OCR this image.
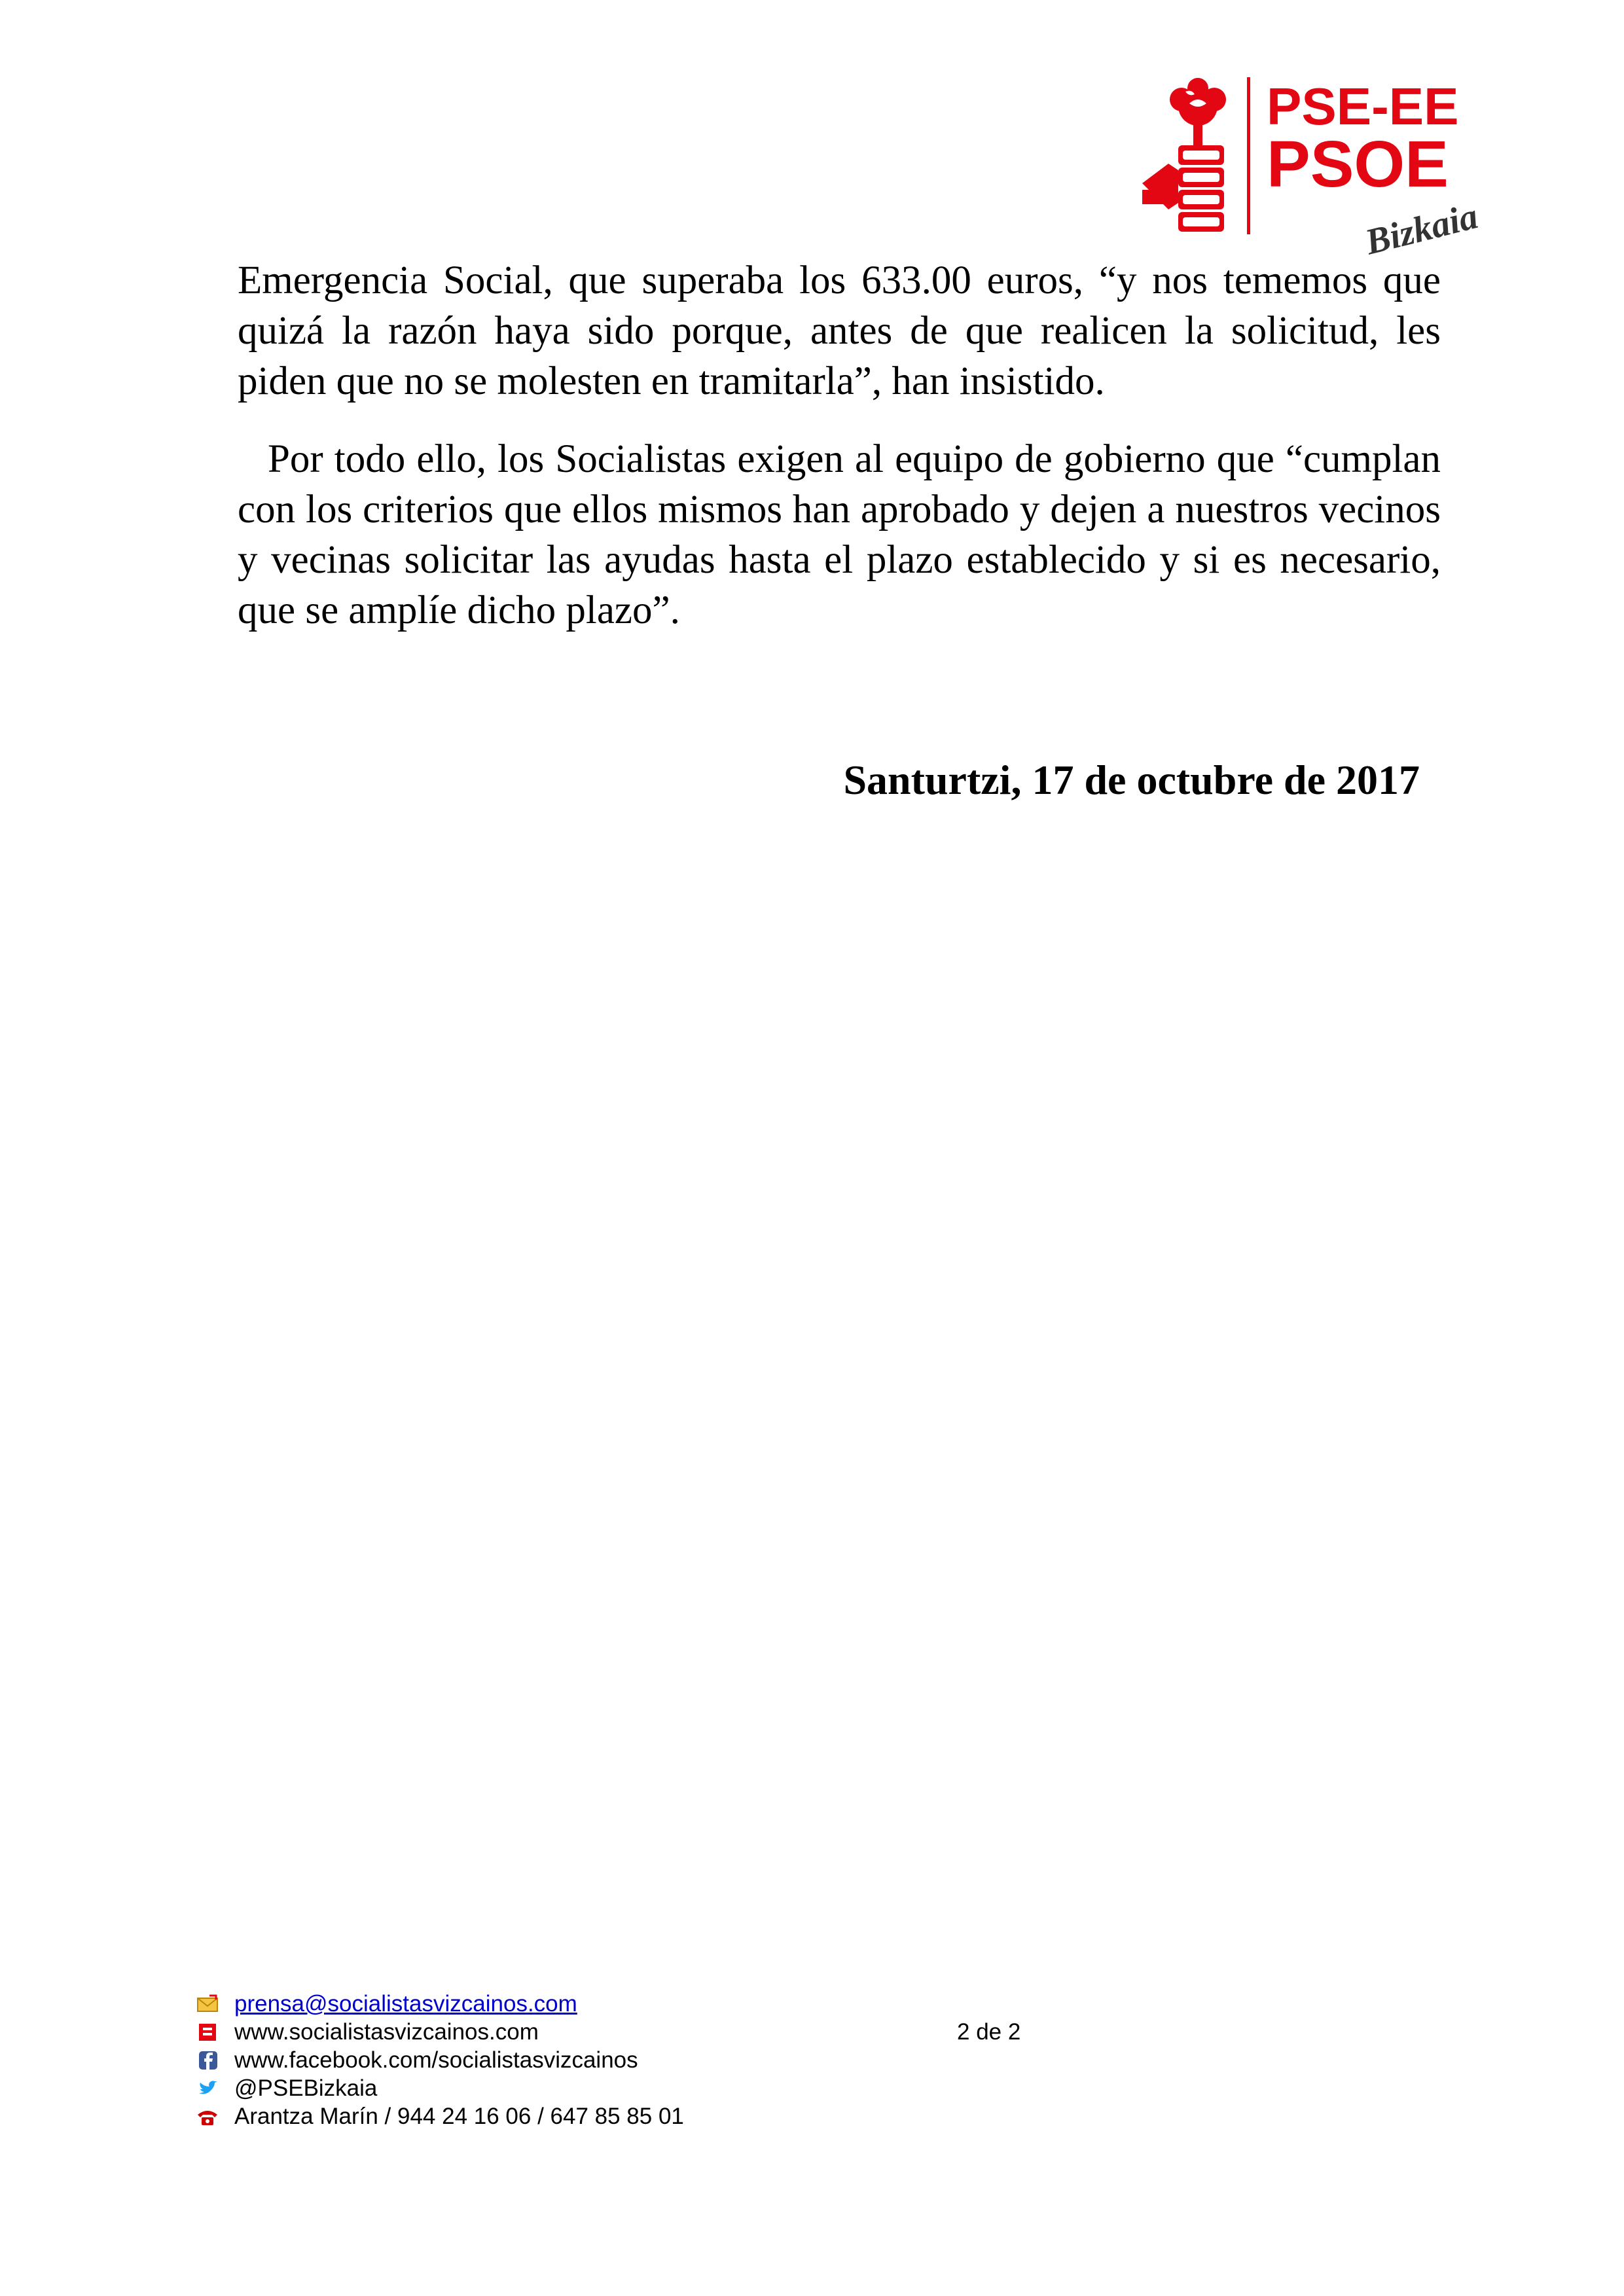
PSE-EE
PSOE
Bizkaia

Emergencia Social, que superaba los 633.00 euros, “y nos tememos que quizá la razón haya sido porque, antes de que realicen la solicitud, les piden que no se molesten en tramitarla”, han insistido.

Por todo ello, los Socialistas exigen al equipo de gobierno que “cumplan con los criterios que ellos mismos han aprobado y dejen a nuestros vecinos y vecinas solicitar las ayudas hasta el plazo establecido y si es necesario, que se amplíe dicho plazo”.

Santurtzi, 17 de octubre de 2017
prensa@socialistasvizcainos.com
www.socialistasvizcainos.com
www.facebook.com/socialistasvizcainos
@PSEBizkaia
Arantza Marín / 944 24 16 06 / 647 85 85 01
2 de 2
